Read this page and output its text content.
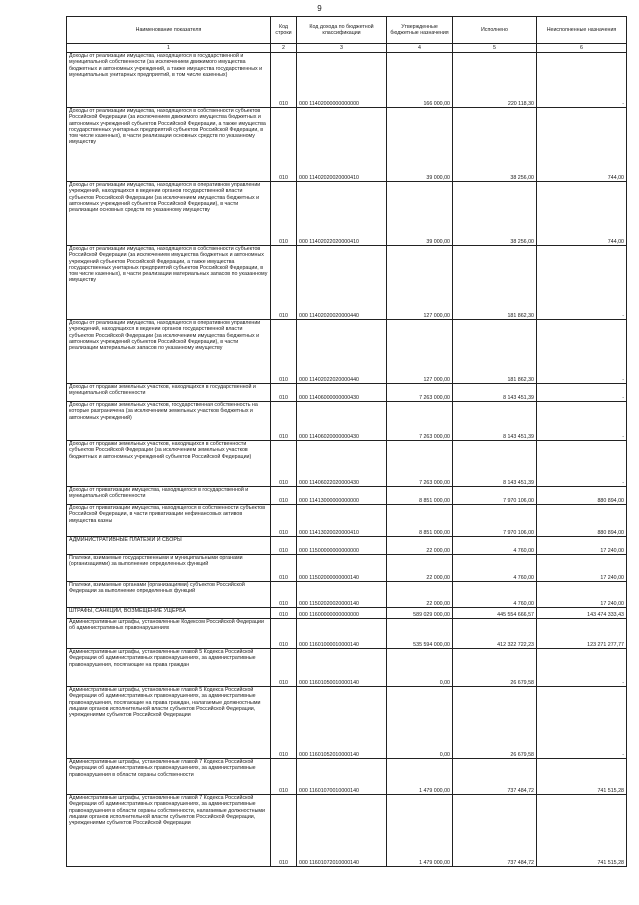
9
Наименование показателя	Код строки	Код дохода по бюджетной классификации	Утвержденные бюджетные назначения	Исполнено	Неисполненные назначения
1	2	3	4	5	6
Доходы от реализации имущества, находящегося в государственной и муниципальной собственности (за исключением движимого имущества бюджетных и автономных учреждений, а также имущества государственных и муниципальных унитарных предприятий, в том числе казенных)	010	000 11402000000000000	166 000,00	220 118,30	-
Доходы от реализации имущества, находящегося в собственности субъектов Российской Федерации (за исключением движимого имущества бюджетных и автономных учреждений субъектов Российской Федерации, а также имущества государственных унитарных предприятий субъектов Российской Федерации, в том числе казенных), в части реализации основных средств по указанному имуществу	010	000 11402020020000410	39 000,00	38 256,00	744,00
Доходы от реализации имущества, находящегося в оперативном управлении учреждений, находящихся в ведении органов государственной власти субъектов Российской Федерации (за исключением имущества бюджетных и автономных учреждений субъектов Российской Федерации), в части реализации основных средств по указанному имуществу	010	000 11402022020000410	39 000,00	38 256,00	744,00
Доходы от реализации имущества, находящегося в собственности субъектов Российской Федерации (за исключением имущества бюджетных и автономных учреждений субъектов Российской Федерации, а также имущества государственных унитарных предприятий субъектов Российской Федерации, в том числе казенных), в части реализации материальных запасов по указанному имуществу	010	000 11402020020000440	127 000,00	181 862,30	-
Доходы от реализации имущества, находящегося в оперативном управлении учреждений, находящихся в ведении органов государственной власти субъектов Российской Федерации (за исключением имущества бюджетных и автономных учреждений субъектов Российской Федерации), в части реализации материальных запасов по указанному имуществу	010	000 11402022020000440	127 000,00	181 862,30	-
Доходы от продажи земельных участков, находящихся в государственной и муниципальной собственности	010	000 11406000000000430	7 263 000,00	8 143 451,39	-
Доходы от продажи земельных участков, государственная собственность на которые разграничена (за исключением земельных участков бюджетных и автономных учреждений)	010	000 11406020000000430	7 263 000,00	8 143 451,39	-
Доходы от продажи земельных участков, находящихся в собственности субъектов Российской Федерации (за исключением земельных участков бюджетных и автономных учреждений субъектов Российской Федерации)	010	000 11406022020000430	7 263 000,00	8 143 451,39	-
Доходы от приватизации имущества, находящегося в государственной и муниципальной собственности	010	000 11413000000000000	8 851 000,00	7 970 106,00	880 894,00
Доходы от приватизации имущества, находящегося в собственности субъектов Российской Федерации, в части приватизации нефинансовых активов имущества казны	010	000 11413020020000410	8 851 000,00	7 970 106,00	880 894,00
АДМИНИСТРАТИВНЫЕ ПЛАТЕЖИ И СБОРЫ	010	000 11500000000000000	22 000,00	4 760,00	17 240,00
Платежи, взимаемые государственными и муниципальными органами (организациями) за выполнение определенных функций	010	000 11502000000000140	22 000,00	4 760,00	17 240,00
Платежи, взимаемые органами (организациями) субъектов Российской Федерации за выполнение определенных функций	010	000 11502020020000140	22 000,00	4 760,00	17 240,00
ШТРАФЫ, САНКЦИИ, ВОЗМЕЩЕНИЕ УЩЕРБА	010	000 11600000000000000	589 029 000,00	445 554 666,57	143 474 333,43
Административные штрафы, установленные Кодексом Российской Федерации об административных правонарушениях	010	000 11601000010000140	535 594 000,00	412 322 722,23	123 271 277,77
Административные штрафы, установленные главой 5 Кодекса Российской Федерации об административных правонарушениях, за административные правонарушения, посягающие на права граждан	010	000 11601050010000140	0,00	26 679,58	-
Административные штрафы, установленные главой 5 Кодекса Российской Федерации об административных правонарушениях, за административные правонарушения, посягающие на права граждан, налагаемые должностными лицами органов исполнительной власти субъектов Российской Федерации, учреждениями субъектов Российской Федерации	010	000 11601052010000140	0,00	26 679,58	-
Административные штрафы, установленные главой 7 Кодекса Российской Федерации об административных правонарушениях, за административные правонарушения в области охраны собственности	010	000 11601070010000140	1 479 000,00	737 484,72	741 515,28
Административные штрафы, установленные главой 7 Кодекса Российской Федерации об административных правонарушениях, за административные правонарушения в области охраны собственности, налагаемые должностными лицами органов исполнительной власти субъектов Российской Федерации, учреждениями субъектов Российской Федерации	010	000 11601072010000140	1 479 000,00	737 484,72	741 515,28
